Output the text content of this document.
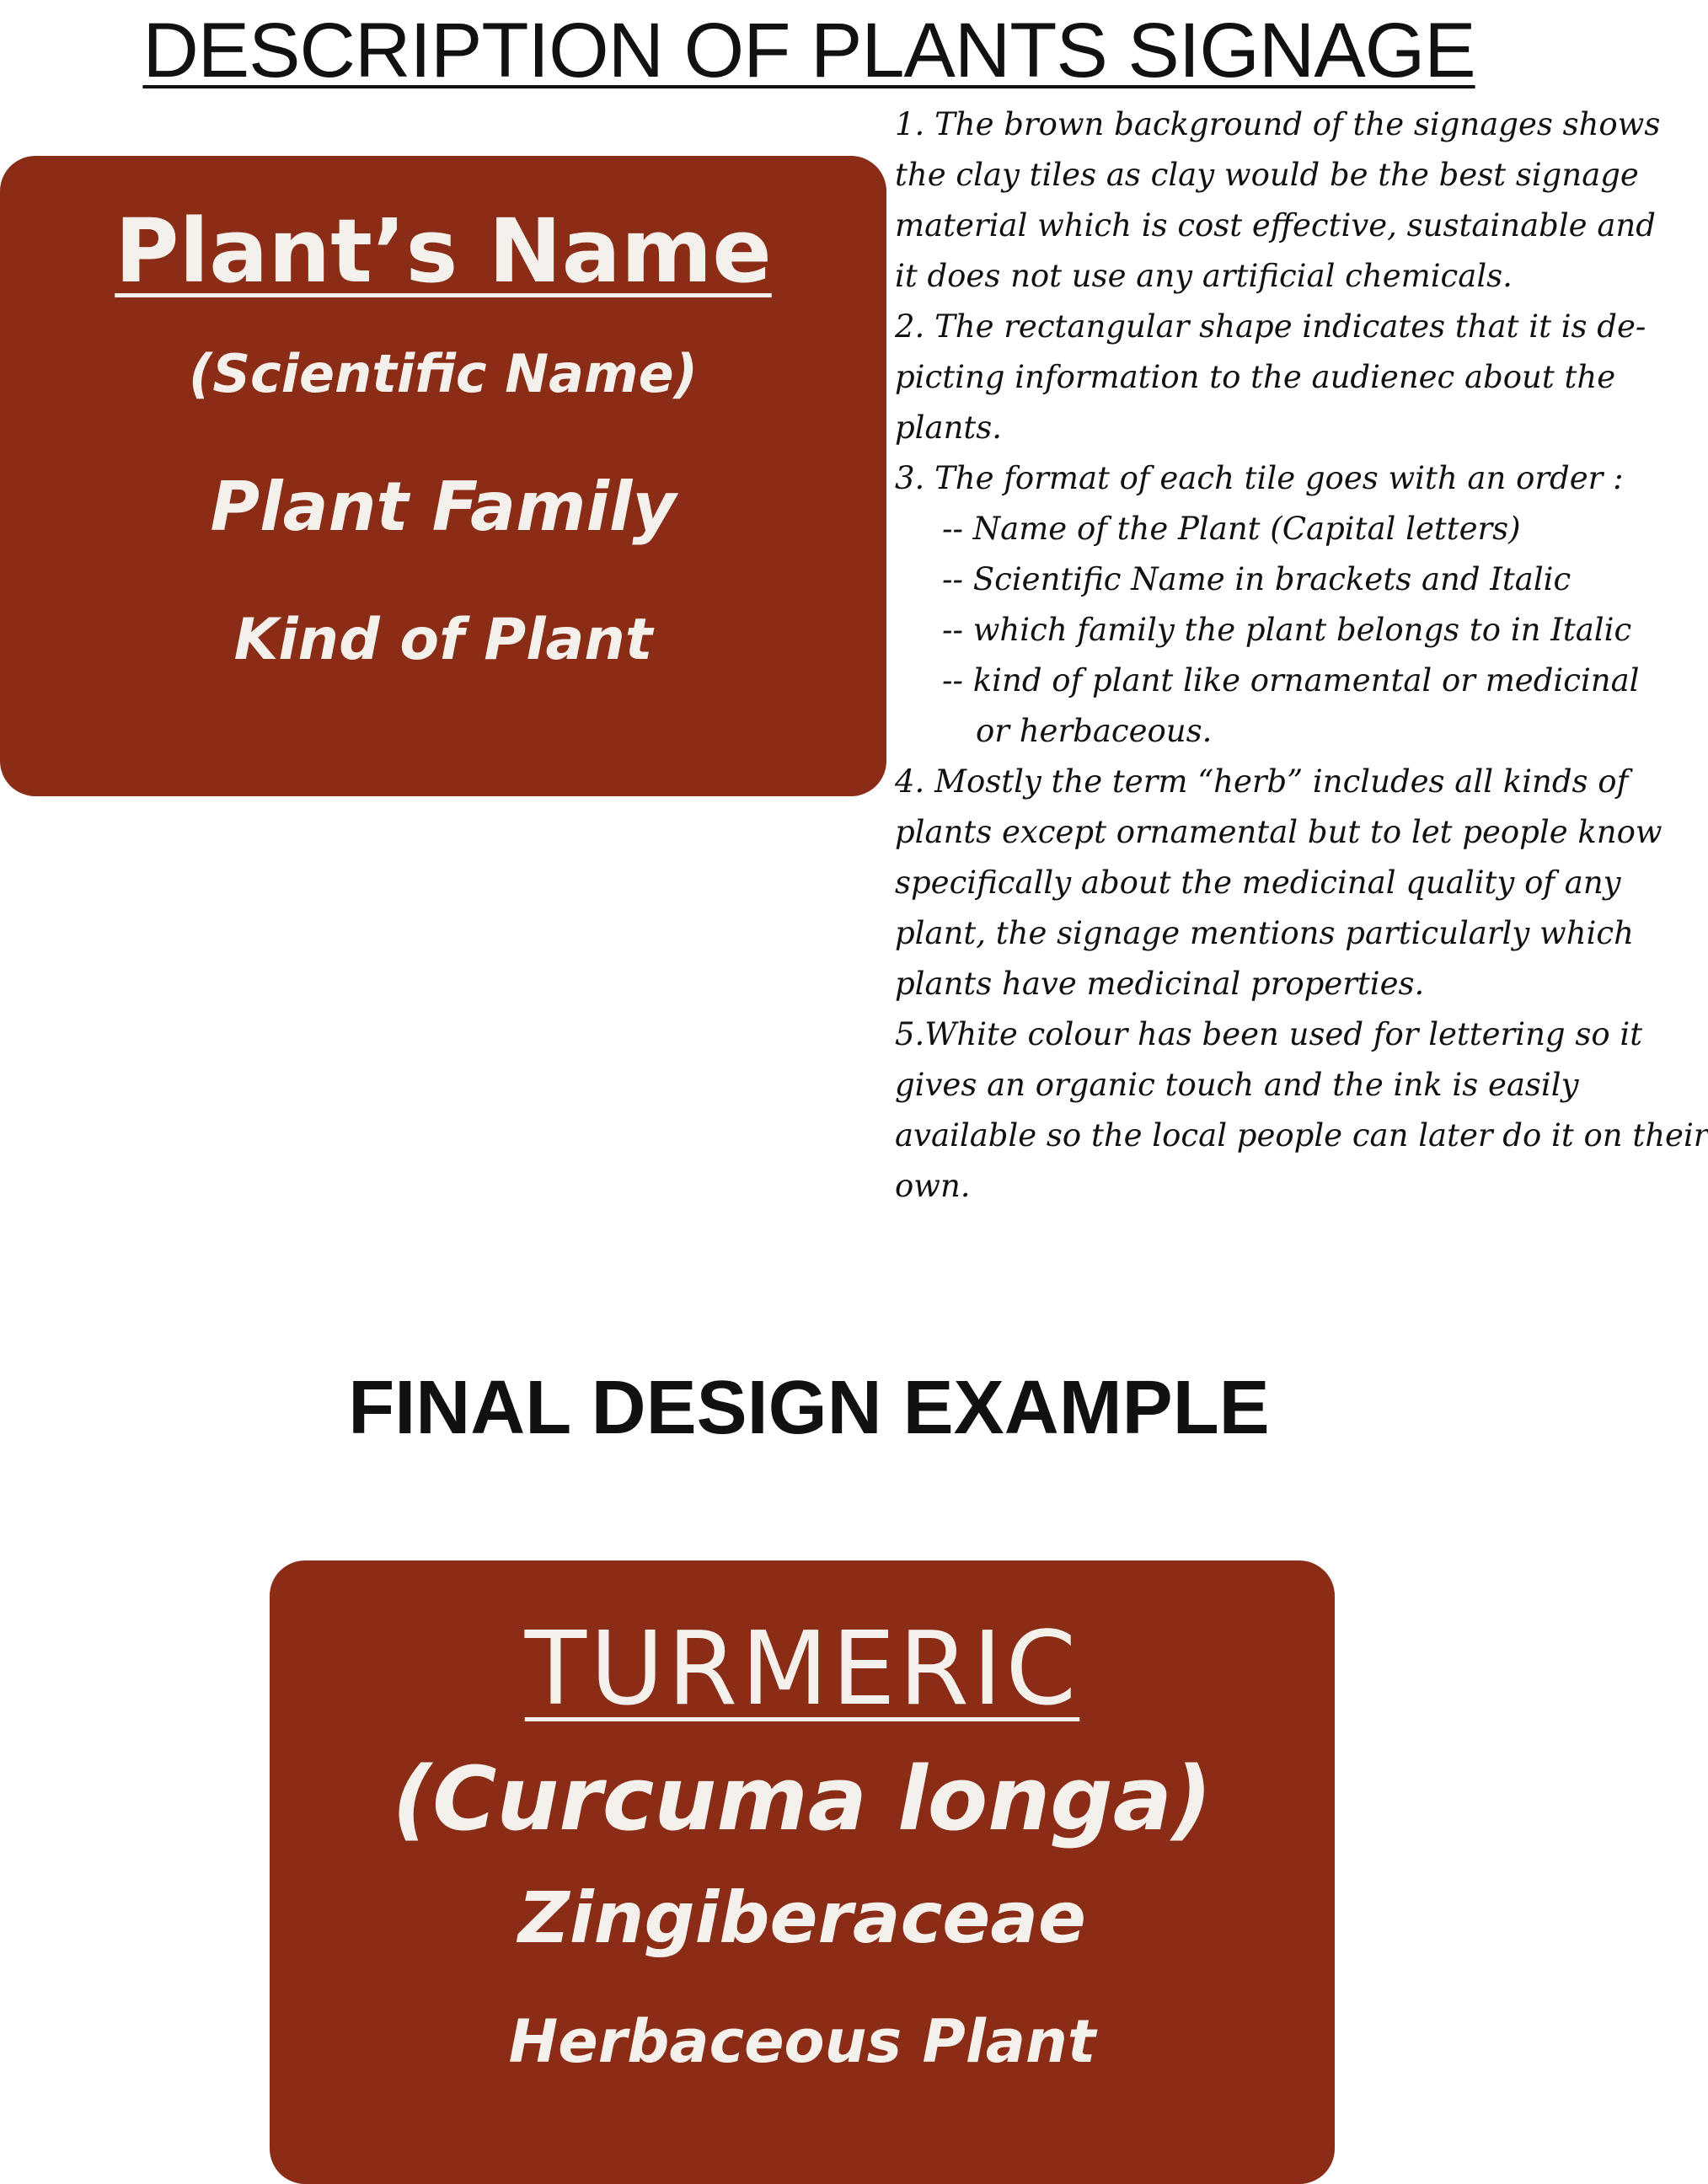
DESCRIPTION OF PLANTS SIGNAGE

Plant’s Name

(Scientific Name)

Plant Family

Kind of Plant

1. The brown background of the signages shows

the clay tiles as clay would be the best signage

material which is cost effective, sustainable and

it does not use any artificial chemicals.

2. The rectangular shape indicates that it is de-

picting information to the audienec about the

plants.

3. The format of each tile goes with an order :

-- Name of the Plant (Capital letters)

-- Scientific Name in brackets and Italic

-- which family the plant belongs to in Italic

-- kind of plant like ornamental or medicinal

or herbaceous.

4. Mostly the term “herb” includes all kinds of

plants except ornamental but to let people know

specifically about the medicinal quality of any

plant, the signage mentions particularly which

plants have medicinal properties.

5.White colour has been used for lettering so it

gives an organic touch and the ink is easily

available so the local people can later do it on their

own.

FINAL DESIGN EXAMPLE

TURMERIC

(Curcuma longa)

Zingiberaceae

Herbaceous Plant
